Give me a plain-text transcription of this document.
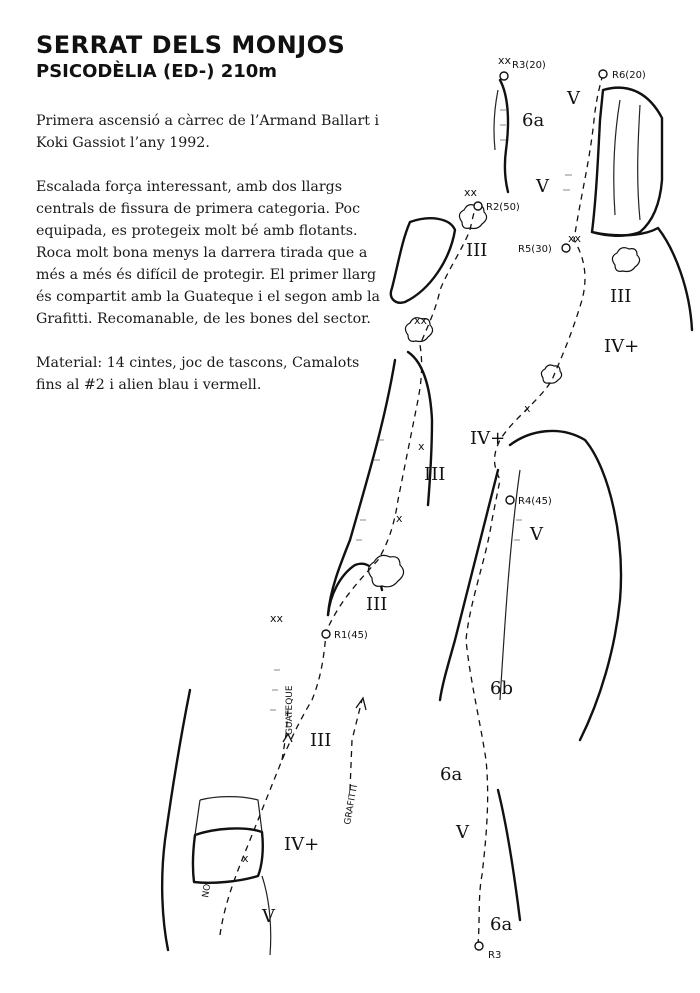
R1(45)
R2(50)
R3(20)
R3
R4(45)
R5(30)
R6(20)
III
III
III
III
III
IV+
IV+
IV+
V
V
V
V
V
6a
6a
6a
6b
xx
xx
xx
xx
xx
x
x
x
x
GUATEQUE
GRAFITTI
NO
SERRAT DELS MONJOS
PSICODÈLIA (ED-) 210m

Primera ascensió a càrrec de l’Armand Ballart i Koki Gassiot l’any 1992.

Escalada força interessant, amb dos llargs centrals de fissura de primera categoria. Poc equipada, es protegeix molt bé amb flotants. Roca molt bona menys la darrera tirada que a més a més és difícil de protegir. El primer llarg és compartit amb la Guateque i el segon amb la Grafitti. Recomanable, de les bones del sector.

Material: 14 cintes, joc de tascons, Camalots fins al #2 i alien blau i vermell.
